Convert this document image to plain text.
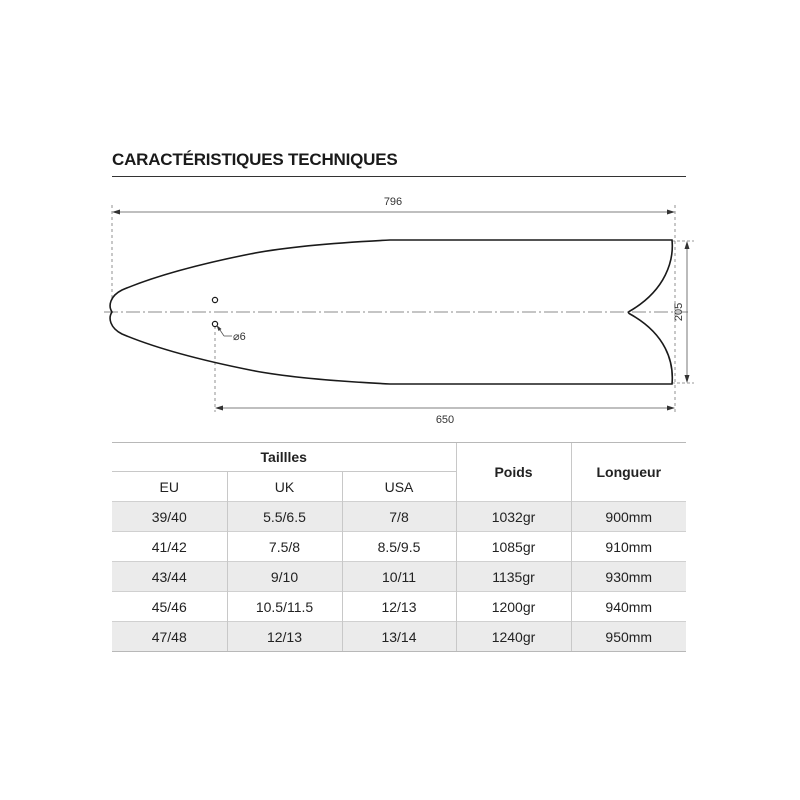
CARACTÉRISTIQUES TECHNIQUES
796
650
205
⌀6
Taillles			Poids	Longueur
EU	UK	USA		
39/40	5.5/6.5	7/8	1032gr	900mm
41/42	7.5/8	8.5/9.5	1085gr	910mm
43/44	9/10	10/11	1135gr	930mm
45/46	10.5/11.5	12/13	1200gr	940mm
47/48	12/13	13/14	1240gr	950mm
